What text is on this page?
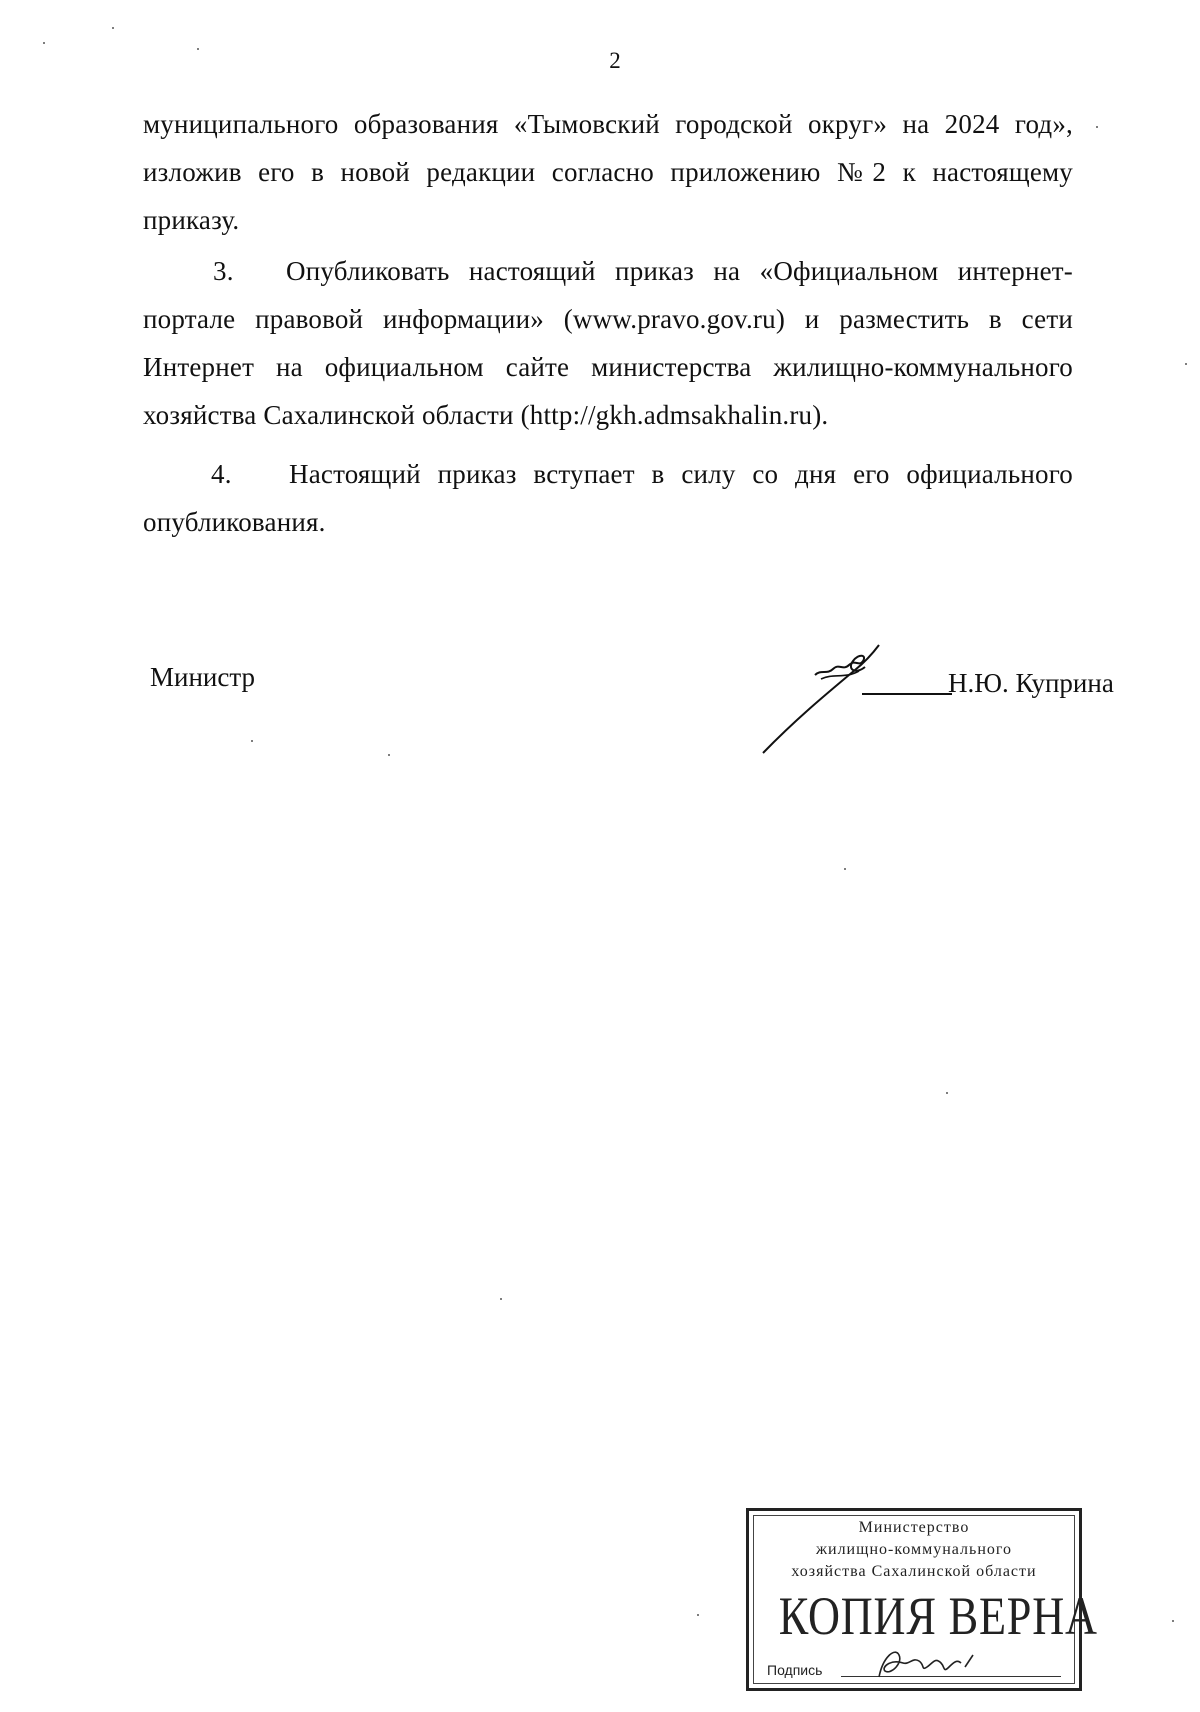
2
муниципального образования «Тымовский городской округ» на 2024 год»,
изложив его в новой редакции согласно приложению №2 к настоящему
приказу.
3. Опубликовать настоящий приказ на «Официальном интернет-
портале правовой информации» (www.pravo.gov.ru) и разместить в сети
Интернет на официальном сайте министерства жилищно-коммунального
хозяйства Сахалинской области (http://gkh.admsakhalin.ru).
4. Настоящий приказ вступает в силу со дня его официального
опубликования.
Министр	Н.Ю. Куприна
Министерство
жилищно-коммунального
хозяйства Сахалинской области
КОПИЯ ВЕРНА
Подпись
